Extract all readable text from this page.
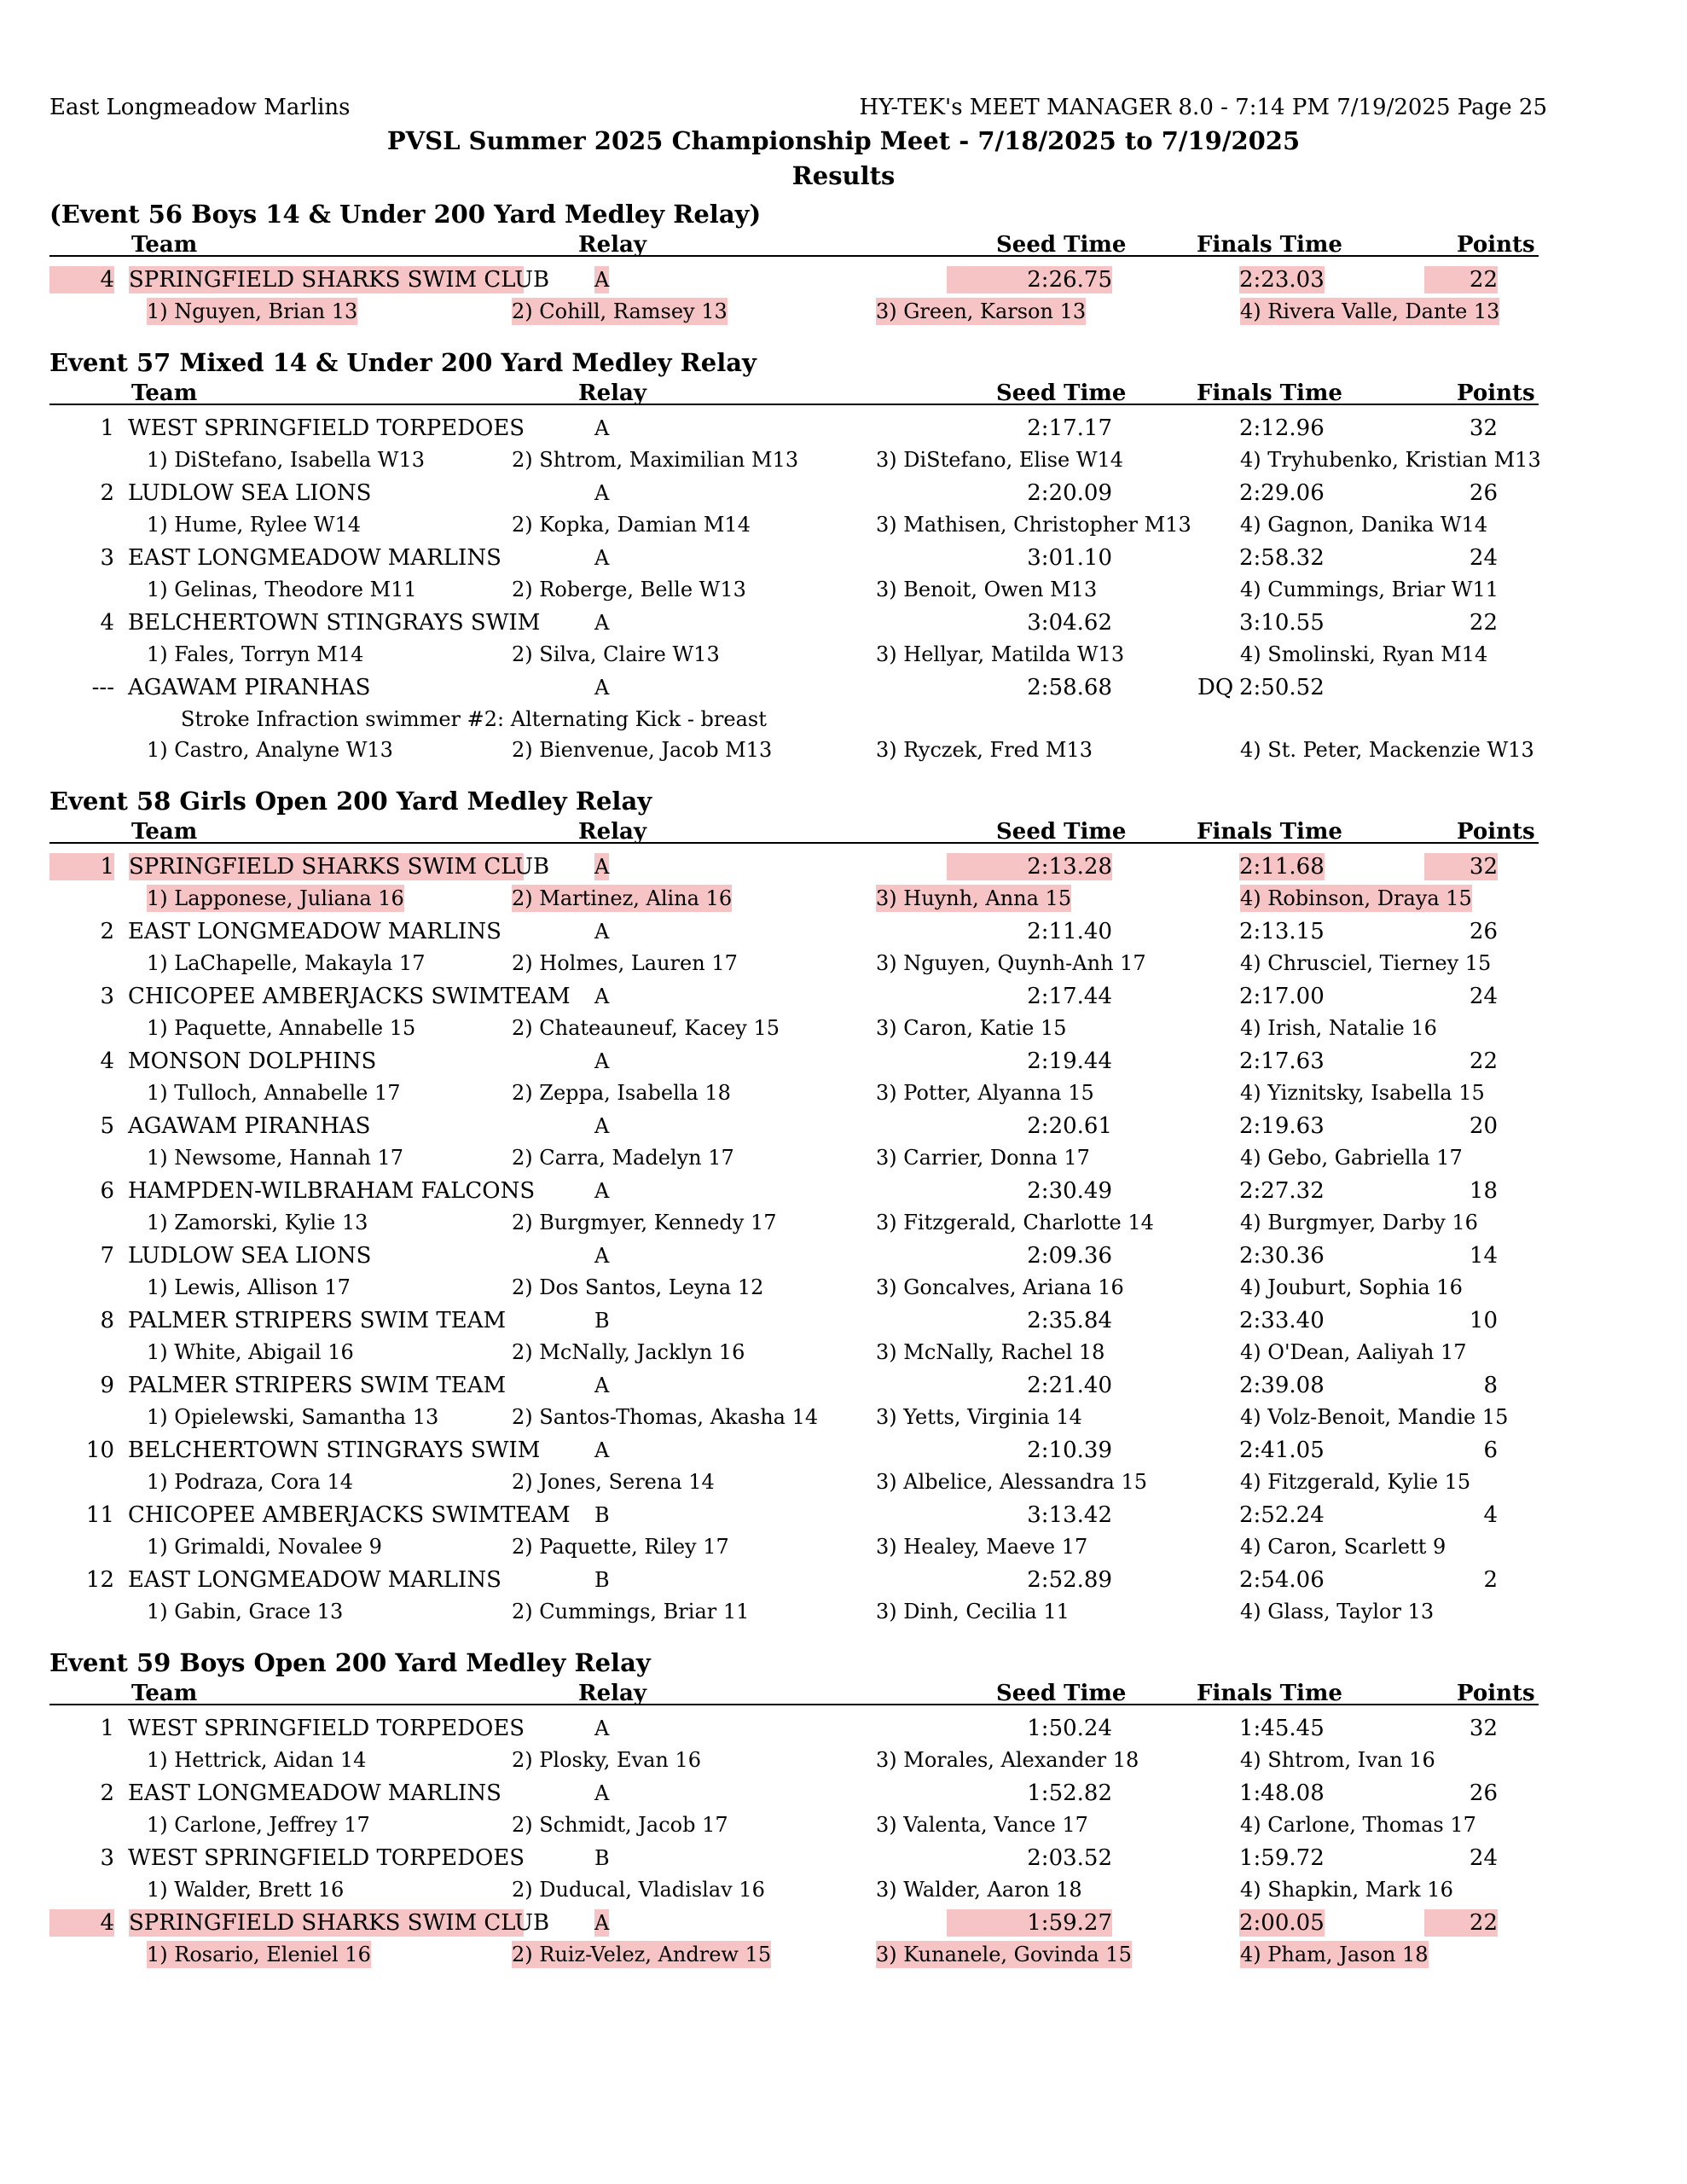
East Longmeadow Marlins	HY-TEK's MEET MANAGER 8.0 - 7:14 PM 7/19/2025 Page 25
PVSL Summer 2025 Championship Meet - 7/18/2025 to 7/19/2025
Results
(Event 56 Boys 14 & Under 200 Yard Medley Relay)
Team	Relay	Seed Time	Finals Time	Points
4 SPRINGFIELD SHARKS SWIM CLUB A	2:26.75	2:23.03	22
1) Nguyen, Brian 13	2) Cohill, Ramsey 13	3) Green, Karson 13	4) Rivera Valle, Dante 13
Event 57 Mixed 14 & Under 200 Yard Medley Relay
Team	Relay	Seed Time	Finals Time	Points
1 WEST SPRINGFIELD TORPEDOES	A	2:17.17	2:12.96	32
1) DiStefano, Isabella W13	2) Shtrom, Maximilian M13	3) DiStefano, Elise W14	4) Tryhubenko, Kristian M13
2 LUDLOW SEA LIONS	A	2:20.09	2:29.06	26
1) Hume, Rylee W14	2) Kopka, Damian M14	3) Mathisen, Christopher M13 4) Gagnon, Danika W14
3 EAST LONGMEADOW MARLINS	A	3:01.10	2:58.32	24
1) Gelinas, Theodore M11	2) Roberge, Belle W13	3) Benoit, Owen M13	4) Cummings, Briar W11
4 BELCHERTOWN STINGRAYS SWIM	A	3:04.62	3:10.55	22
1) Fales, Torryn M14	2) Silva, Claire W13	3) Hellyar, Matilda W13	4) Smolinski, Ryan M14
--- AGAWAM PIRANHAS	A	2:58.68	DQ 2:50.52
Stroke Infraction swimmer #2: Alternating Kick - breast
1) Castro, Analyne W13	2) Bienvenue, Jacob M13	3) Ryczek, Fred M13	4) St. Peter, Mackenzie W13
Event 58 Girls Open 200 Yard Medley Relay
Team	Relay	Seed Time	Finals Time	Points
1 SPRINGFIELD SHARKS SWIM CLUB A	2:13.28	2:11.68	32
1) Lapponese, Juliana 16	2) Martinez, Alina 16	3) Huynh, Anna 15	4) Robinson, Draya 15
2 EAST LONGMEADOW MARLINS	A	2:11.40	2:13.15	26
1) LaChapelle, Makayla 17	2) Holmes, Lauren 17	3) Nguyen, Quynh-Anh 17	4) Chrusciel, Tierney 15
3 CHICOPEE AMBERJACKS SWIMTEAM A	2:17.44	2:17.00	24
1) Paquette, Annabelle 15	2) Chateauneuf, Kacey 15	3) Caron, Katie 15	4) Irish, Natalie 16
4 MONSON DOLPHINS	A	2:19.44	2:17.63	22
1) Tulloch, Annabelle 17	2) Zeppa, Isabella 18	3) Potter, Alyanna 15	4) Yiznitsky, Isabella 15
5 AGAWAM PIRANHAS	A	2:20.61	2:19.63	20
1) Newsome, Hannah 17	2) Carra, Madelyn 17	3) Carrier, Donna 17	4) Gebo, Gabriella 17
6 HAMPDEN-WILBRAHAM FALCONS	A	2:30.49	2:27.32	18
1) Zamorski, Kylie 13	2) Burgmyer, Kennedy 17	3) Fitzgerald, Charlotte 14	4) Burgmyer, Darby 16
7 LUDLOW SEA LIONS	A	2:09.36	2:30.36	14
1) Lewis, Allison 17	2) Dos Santos, Leyna 12	3) Goncalves, Ariana 16	4) Jouburt, Sophia 16
8 PALMER STRIPERS SWIM TEAM	B	2:35.84	2:33.40	10
1) White, Abigail 16	2) McNally, Jacklyn 16	3) McNally, Rachel 18	4) O'Dean, Aaliyah 17
9 PALMER STRIPERS SWIM TEAM	A	2:21.40	2:39.08	8
1) Opielewski, Samantha 13	2) Santos-Thomas, Akasha 14	3) Yetts, Virginia 14	4) Volz-Benoit, Mandie 15
10 BELCHERTOWN STINGRAYS SWIM	A	2:10.39	2:41.05	6
1) Podraza, Cora 14	2) Jones, Serena 14	3) Albelice, Alessandra 15	4) Fitzgerald, Kylie 15
11 CHICOPEE AMBERJACKS SWIMTEAM B	3:13.42	2:52.24	4
1) Grimaldi, Novalee 9	2) Paquette, Riley 17	3) Healey, Maeve 17	4) Caron, Scarlett 9
12 EAST LONGMEADOW MARLINS	B	2:52.89	2:54.06	2
1) Gabin, Grace 13	2) Cummings, Briar 11	3) Dinh, Cecilia 11	4) Glass, Taylor 13
Event 59 Boys Open 200 Yard Medley Relay
Team	Relay	Seed Time	Finals Time	Points
1 WEST SPRINGFIELD TORPEDOES	A	1:50.24	1:45.45	32
1) Hettrick, Aidan 14	2) Plosky, Evan 16	3) Morales, Alexander 18	4) Shtrom, Ivan 16
2 EAST LONGMEADOW MARLINS	A	1:52.82	1:48.08	26
1) Carlone, Jeffrey 17	2) Schmidt, Jacob 17	3) Valenta, Vance 17	4) Carlone, Thomas 17
3 WEST SPRINGFIELD TORPEDOES	B	2:03.52	1:59.72	24
1) Walder, Brett 16	2) Duducal, Vladislav 16	3) Walder, Aaron 18	4) Shapkin, Mark 16
4 SPRINGFIELD SHARKS SWIM CLUB A	1:59.27	2:00.05	22
1) Rosario, Eleniel 16	2) Ruiz-Velez, Andrew 15	3) Kunanele, Govinda 15	4) Pham, Jason 18
